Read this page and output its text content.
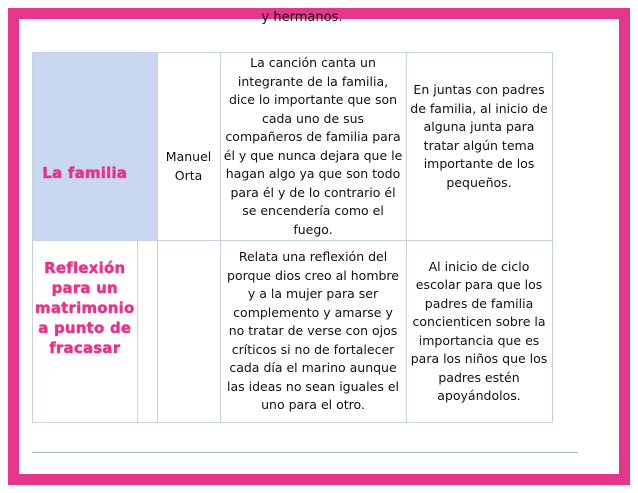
y hermanos.
La familia		Manuel Orta	La canción canta un integrante de la familia, dice lo importante que son cada uno de sus compañeros de familia para él y que nunca dejara que le hagan algo ya que son todo para él y de lo contrario él se encendería como el fuego.	En juntas con padres de familia, al inicio de alguna junta para tratar algún tema importante de los pequeños.

Reflexión para un matrimonio a punto de fracasar			Relata una reflexión del porque dios creo al hombre y a la mujer para ser complemento y amarse y no tratar de verse con ojos críticos si no de fortalecer cada día el marino aunque las ideas no sean iguales el uno para el otro.	Al inicio de ciclo escolar para que los padres de familia concienticen sobre la importancia que es para los niños que los padres estén apoyándolos.
